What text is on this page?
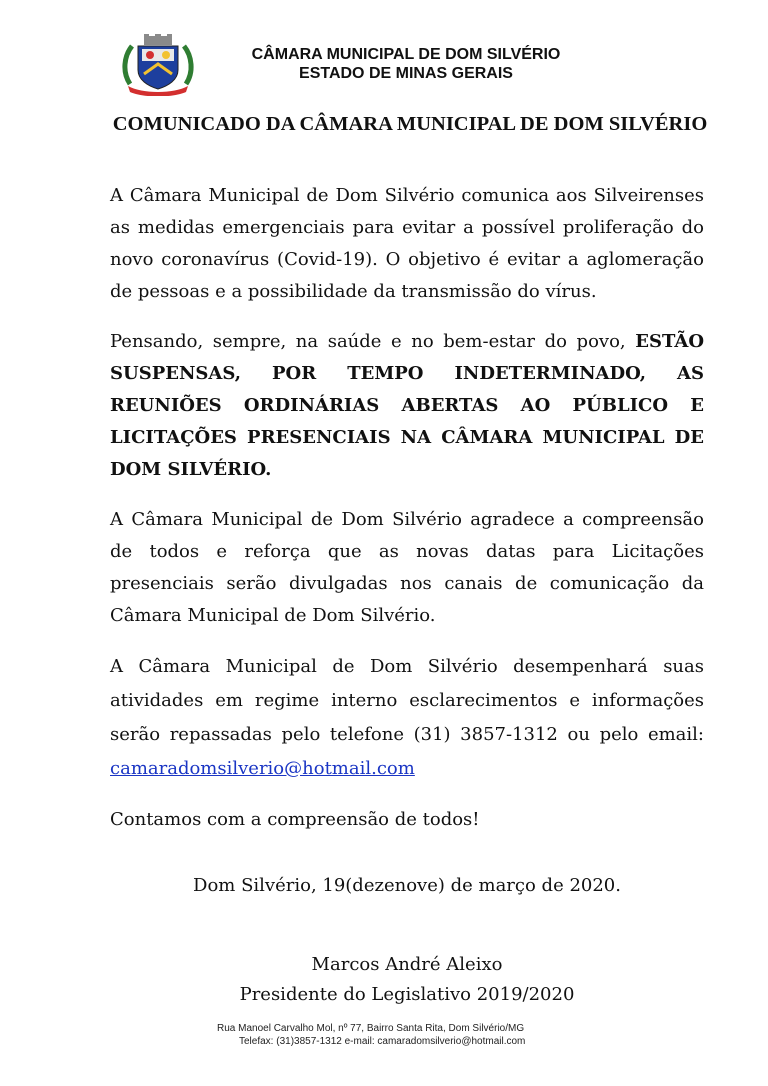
CÂMARA MUNICIPAL DE DOM SILVÉRIO
ESTADO DE MINAS GERAIS
COMUNICADO DA CÂMARA MUNICIPAL DE DOM SILVÉRIO

A Câmara Municipal de Dom Silvério comunica aos Silveirenses as medidas emergenciais para evitar a possível proliferação do novo coronavírus (Covid-19). O objetivo é evitar a aglomeração de pessoas e a possibilidade da transmissão do vírus.

Pensando, sempre, na saúde e no bem-estar do povo, ESTÃO SUSPENSAS, POR TEMPO INDETERMINADO, AS REUNIÕES ORDINÁRIAS ABERTAS AO PÚBLICO E LICITAÇÕES PRESENCIAIS NA CÂMARA MUNICIPAL DE DOM SILVÉRIO.

A Câmara Municipal de Dom Silvério agradece a compreensão de todos e reforça que as novas datas para Licitações presenciais serão divulgadas nos canais de comunicação da Câmara Municipal de Dom Silvério.

A Câmara Municipal de Dom Silvério desempenhará suas atividades em regime interno esclarecimentos e informações serão repassadas pelo telefone (31) 3857-1312 ou pelo email: camaradomsilverio@hotmail.com

Contamos com a compreensão de todos!

Dom Silvério, 19(dezenove) de março de 2020.
Marcos André Aleixo
Presidente do Legislativo 2019/2020
Rua Manoel Carvalho Mol, nº 77, Bairro Santa Rita, Dom Silvério/MG
Telefax: (31)3857-1312 e-mail: camaradomsilverio@hotmail.com
